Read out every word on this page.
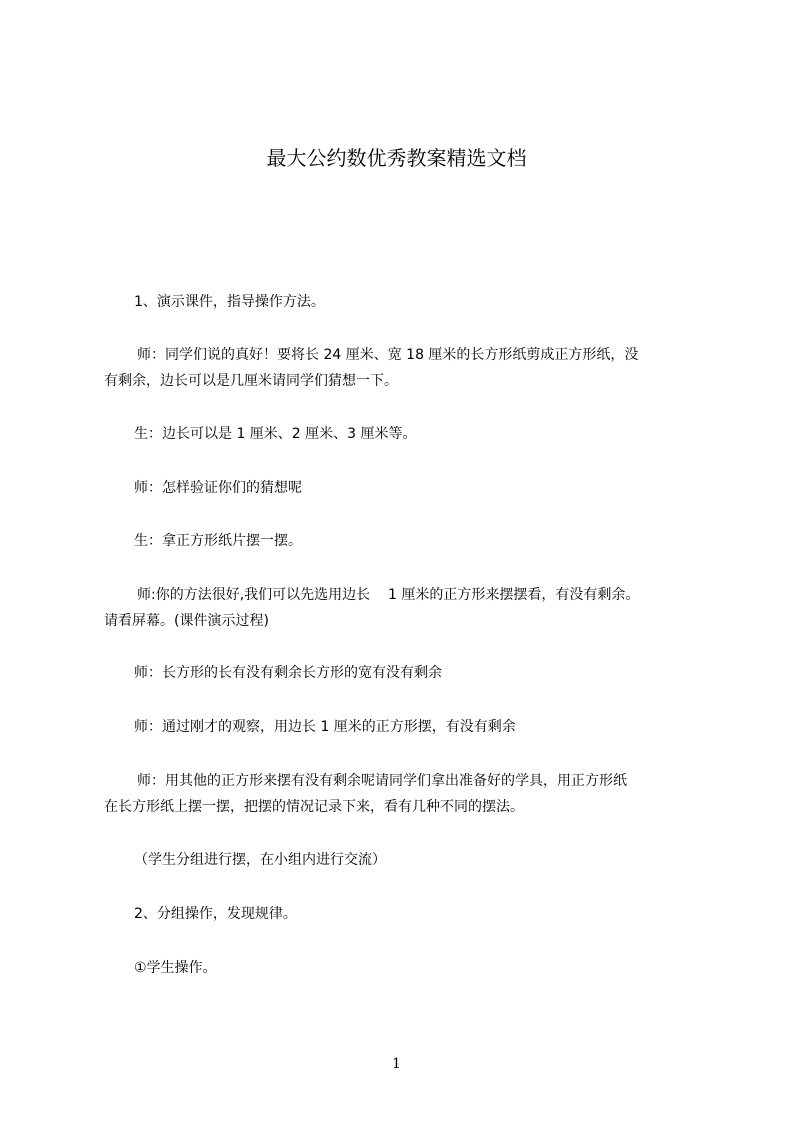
最大公约数优秀教案精选文档

1、演示课件，指导操作方法。

师：同学们说的真好！要将长 24 厘米、宽 18 厘米的长方形纸剪成正方形纸，没
有剩余，边长可以是几厘米请同学们猜想一下。

生：边长可以是 1 厘米、2 厘米、3 厘米等。

师：怎样验证你们的猜想呢

生：拿正方形纸片摆一摆。

师:你的方法很好,我们可以先选用边长    1 厘米的正方形来摆摆看，有没有剩余。
请看屏幕。(课件演示过程)

师：长方形的长有没有剩余长方形的宽有没有剩余

师：通过刚才的观察，用边长 1 厘米的正方形摆，有没有剩余

师：用其他的正方形来摆有没有剩余呢请同学们拿出准备好的学具，用正方形纸
在长方形纸上摆一摆，把摆的情况记录下来，看有几种不同的摆法。

（学生分组进行摆，在小组内进行交流）

2、分组操作，发现规律。

①学生操作。

1
